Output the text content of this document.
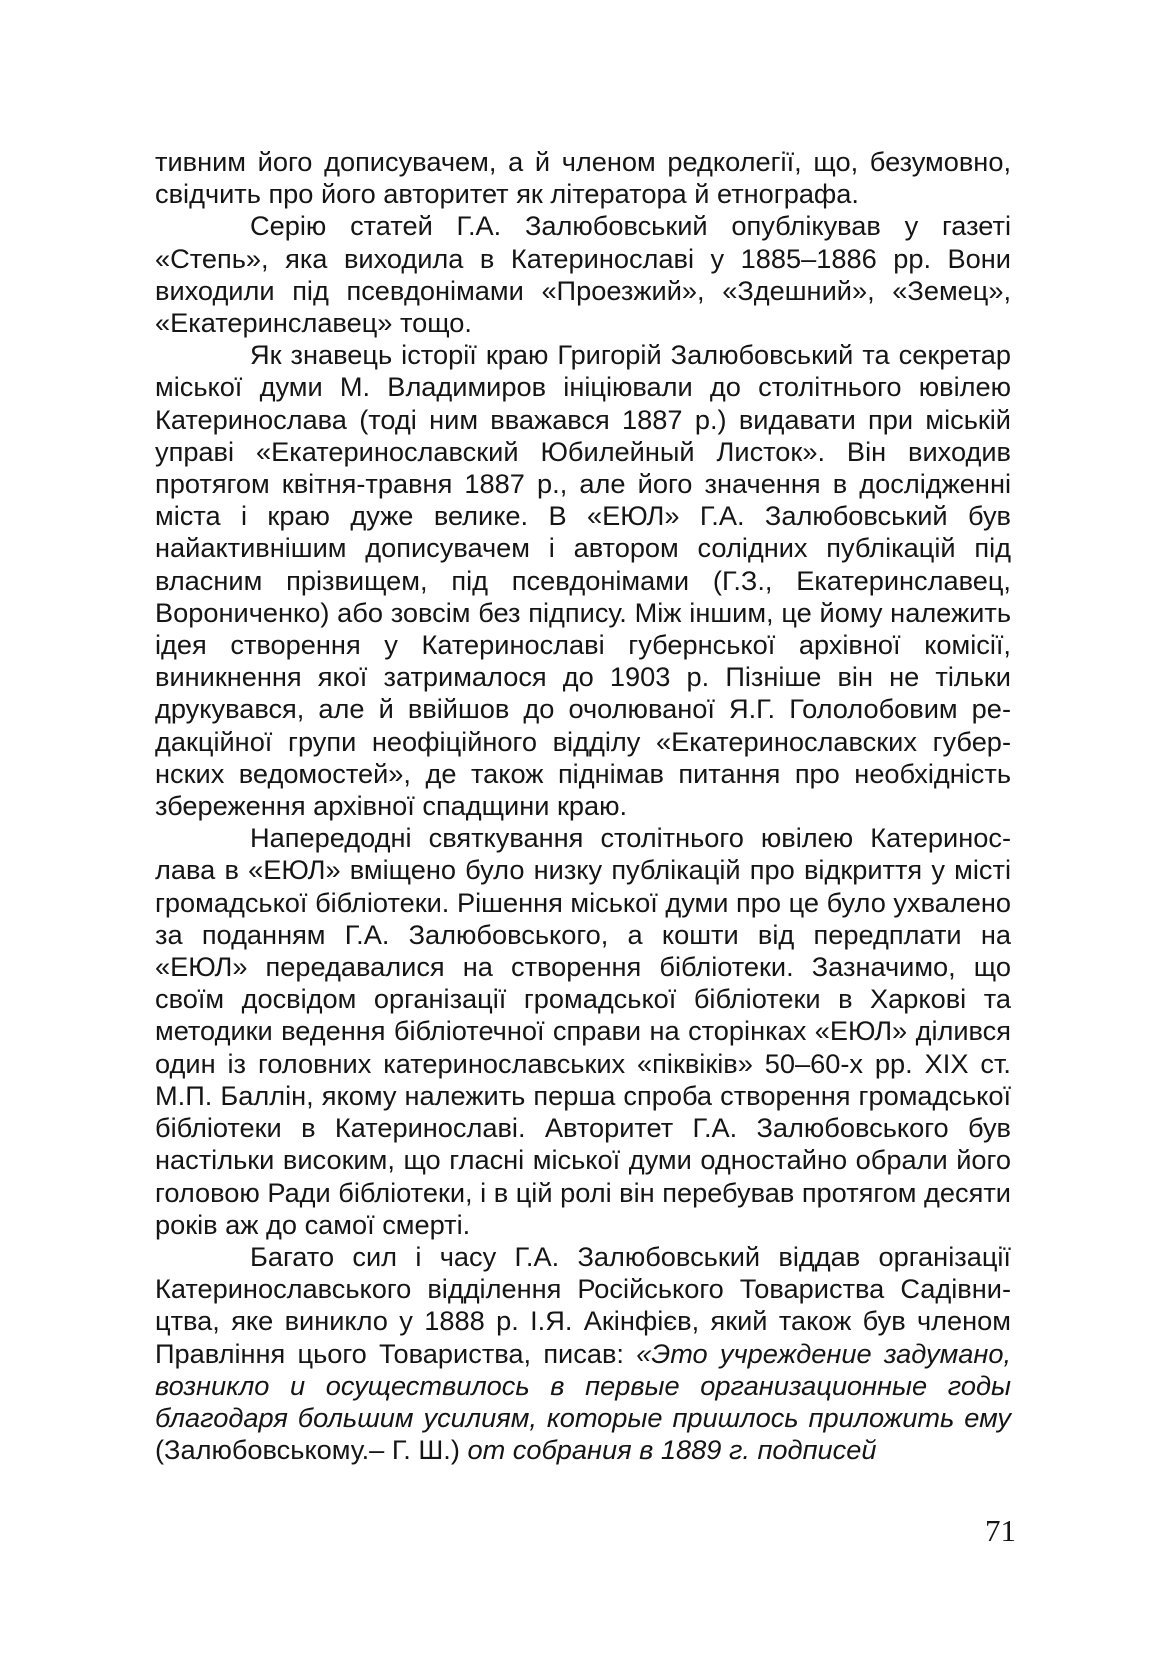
тивним його дописувачем, а й членом редколегії, що, безумовно, свідчить про його авторитет як літератора й етнографа.

Серію статей Г.А. Залюбовський опублікував у газеті «Степь», яка виходила в Катеринославі у 1885–1886 рр. Вони виходили під псевдонімами «Проезжий», «Здешний», «Земец», «Екатеринславец» тощо.

Як знавець історії краю Григорій Залюбовський та секретар міської думи М. Владимиров ініціювали до столітнього ювілею Катеринослава (тоді ним вважався 1887 р.) видавати при міській управі «Екатеринославский Юбилейный Листок». Він виходив протягом квітня-травня 1887 р., але його значення в дослідженні міста і краю дуже велике. В «ЕЮЛ» Г.А. Залюбовський був найактивнішим дописувачем і автором солідних публікацій під власним прізвищем, під псевдонімами (Г.З., Екатеринславец, Ворониченко) або зовсім без підпису. Між іншим, це йому належить ідея створення у Катеринославі губернської архівної комісії, виникнення якої затрималося до 1903 р. Пізніше він не тільки друкувався, але й ввійшов до очолюваної Я.Г. Гололобовим редакційної групи неофіційного відділу «Екатеринославских губернских ведомостей», де також піднімав питання про необхідність збереження архівної спадщини краю.

Напередодні святкування столітнього ювілею Катеринослава в «ЕЮЛ» вміщено було низку публікацій про відкриття у місті громадської бібліотеки. Рішення міської думи про це було ухвалено за поданням Г.А. Залюбовського, а кошти від передплати на «ЕЮЛ» передавалися на створення бібліотеки. Зазначимо, що своїм досвідом організації громадської бібліотеки в Харкові та методики ведення бібліотечної справи на сторінках «ЕЮЛ» ділився один із головних катеринославських «піквіків» 50–60-х рр. ХІХ ст. М.П. Баллін, якому належить перша спроба створення громадської бібліотеки в Катеринославі. Авторитет Г.А. Залюбовського був настільки високим, що гласні міської думи одностайно обрали його головою Ради бібліотеки, і в цій ролі він перебував протягом десяти років аж до самої смерті.

Багато сил і часу Г.А. Залюбовський віддав організації Катеринославського відділення Російського Товариства Садівництва, яке виникло у 1888 р. І.Я. Акінфієв, який також був членом Правління цього Товариства, писав: «Это учреждение задумано, возникло и осуществилось в первые организационные годы благодаря большим усилиям, которые пришлось приложить ему (Залюбовському.– Г. Ш.) от собрания в 1889 г. подписей

71
